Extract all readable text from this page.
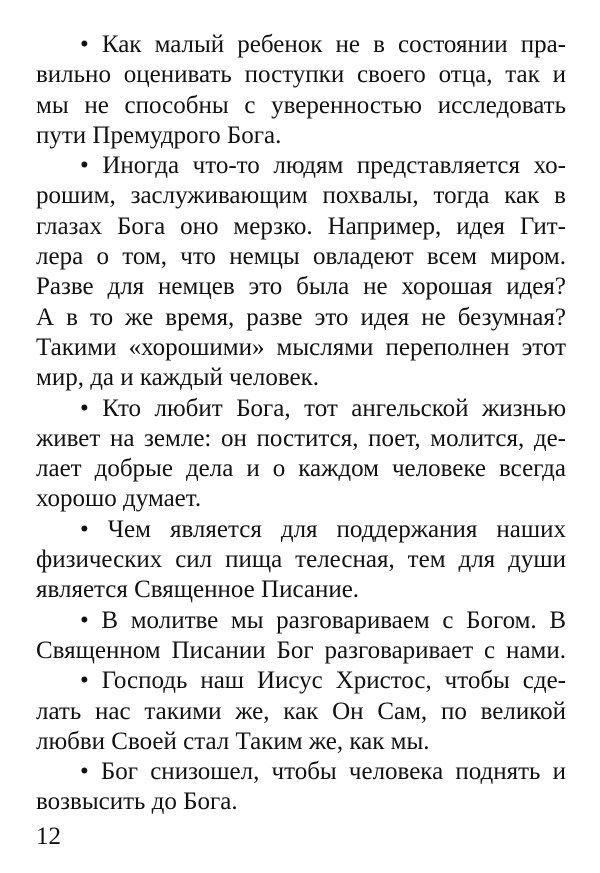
• Как малый ребенок не в состоянии пра-
вильно оценивать поступки своего отца, так и
мы не способны с уверенностью исследовать
пути Премудрого Бога.
• Иногда что-то людям представляется хо-
рошим, заслуживающим похвалы, тогда как в
глазах Бога оно мерзко. Например, идея Гит-
лера о том, что немцы овладеют всем миром.
Разве для немцев это была не хорошая идея?
А в то же время, разве это идея не безумная?
Такими «хорошими» мыслями переполнен этот
мир, да и каждый человек.
• Кто любит Бога, тот ангельской жизнью
живет на земле: он постится, поет, молится, де-
лает добрые дела и о каждом человеке всегда
хорошо думает.
• Чем является для поддержания наших
физических сил пища телесная, тем для души
является Священное Писание.
• В молитве мы разговариваем с Богом. В
Священном Писании Бог разговаривает с нами.
• Господь наш Иисус Христос, чтобы сде-
лать нас такими же, как Он Сам, по великой
любви Своей стал Таким же, как мы.
• Бог снизошел, чтобы человека поднять и
возвысить до Бога.
12
